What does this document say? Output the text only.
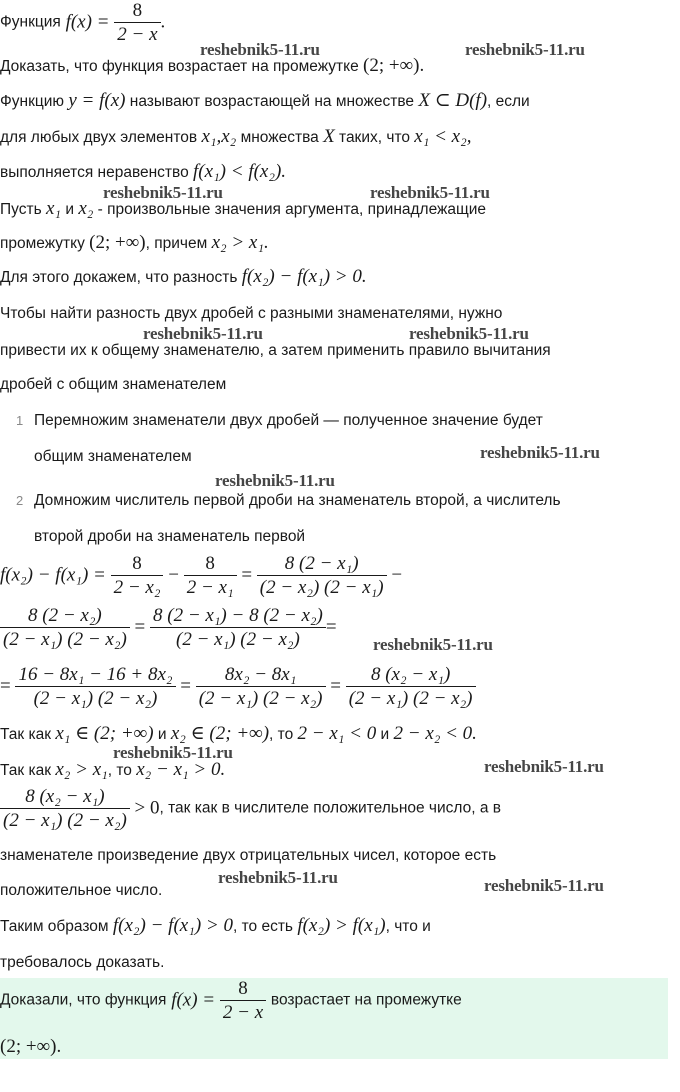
Функция $f(x) = \frac{8}{2 - x}$ .
Доказать, что функция возрастает на промежутке (2; +∞).
Функцию y = f(x) называют возрастающей на множестве X ⊂ D(f), если
для любых двух элементов x₁,x₂ множества X таких, что x₁ < x₂,
выполняется неравенство f(x₁) < f(x₂).
Пусть x₁ и x₂ - произвольные значения аргумента, принадлежащие
промежутку (2; +∞), причем x₂ > x₁.
Для этого докажем, что разность f(x₂) − f(x₁) > 0.
Чтобы найти разность двух дробей с разными знаменателями, нужно
привести их к общему знаменателю, а затем применить правило вычитания
дробей с общим знаменателем
1 Перемножим знаменатели двух дробей — полученное значение будет
общим знаменателем
2 Домножим числитель первой дроби на знаменатель второй, а числитель
второй дроби на знаменатель первой
$f(x_2) - f(x_1) = \frac{8}{\text{2 − x₂}} - \frac{8}{\text{2 − x₁}} = \frac{\text{8 (2 − x₁)}}{\text{(2 − x₂) (2 − x₁)}}$ −
$\frac{\text{8 (2 − x₂)}}{\text{(2 − x₁) (2 − x₂)}} = \frac{\text{8 (2 − x₁) − 8 (2 − x₂)}}{\text{(2 − x₁) (2 − x₂)}}$ =
= $\frac{\text{16 − 8x₁ − 16 + 8x₂}}{\text{(2 − x₁) (2 − x₂)}} = \frac{\text{8x₂ − 8x₁}}{\text{(2 − x₁) (2 − x₂)}} = \frac{\text{8 (x₂ − x₁)}}{\text{(2 − x₁) (2 − x₂)}}$
Так как x₁ ∈ (2; +∞) и x₂ ∈ (2; +∞), то 2 − x₁ < 0 и 2 − x₂ < 0.
Так как x₂ > x₁, то x₂ − x₁ > 0.
$\frac{\text{8 (x₂ − x₁)}}{\text{(2 − x₁) (2 − x₂)}} > 0$, так как в числителе положительное число, а в
знаменателе произведение двух отрицательных чисел, которое есть
положительное число.
Таким образом f(x₂) − f(x₁) > 0, то есть f(x₂) > f(x₁), что и
требовалось доказать.
Доказали, что функция $f(x) = \frac{8}{2 - x}$ возрастает на промежутке
(2; +∞).
reshebnik5-11.ru	reshebnik5-11.ru
reshebnik5-11.ru	reshebnik5-11.ru
reshebnik5-11.ru	reshebnik5-11.ru
reshebnik5-11.ru
reshebnik5-11.ru
reshebnik5-11.ru
reshebnik5-11.ru
reshebnik5-11.ru
reshebnik5-11.ru	reshebnik5-11.ru
